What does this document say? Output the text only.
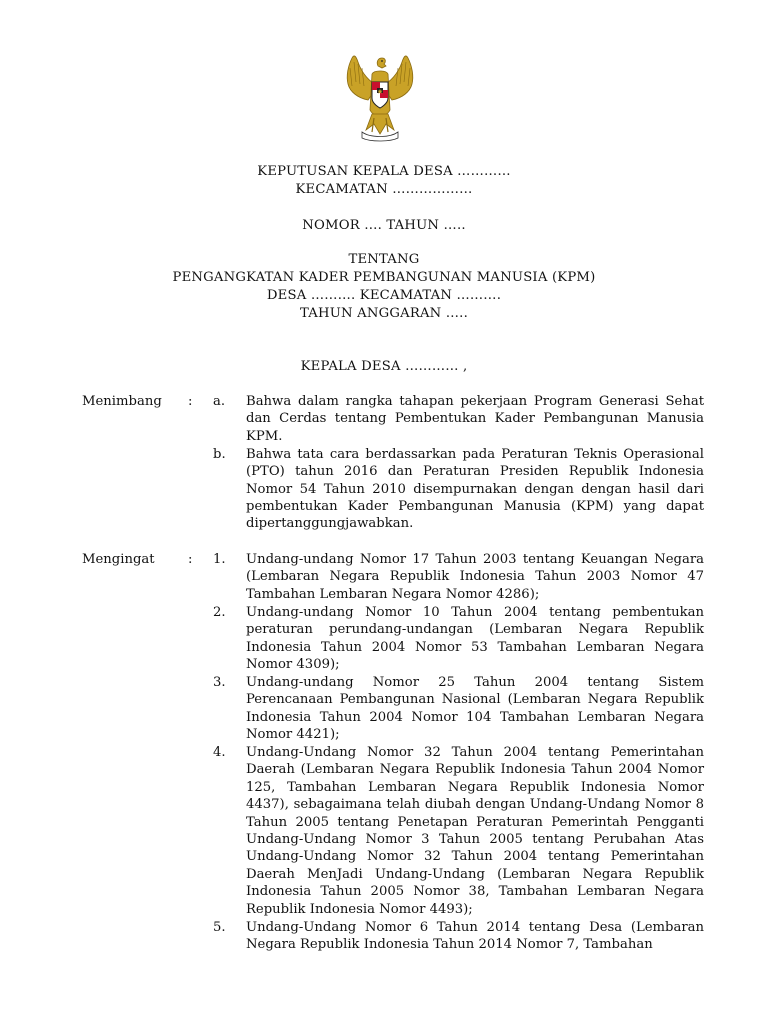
KEPUTUSAN KEPALA DESA …………
KECAMATAN ………………
NOMOR …. TAHUN …..
TENTANG
PENGANGKATAN KADER PEMBANGUNAN MANUSIA (KPM)
DESA ………. KECAMATAN ……….
TAHUN ANGGARAN …..
KEPALA DESA ………… ,
Menimbang : a. Bahwa dalam rangka tahapan pekerjaan Program Generasi Sehat dan Cerdas tentang Pembentukan Kader Pembangunan Manusia KPM.
b. Bahwa tata cara berdassarkan pada Peraturan Teknis Operasional (PTO) tahun 2016 dan Peraturan Presiden Republik Indonesia Nomor 54 Tahun 2010 disempurnakan dengan dengan hasil dari pembentukan Kader Pembangunan Manusia (KPM) yang dapat dipertanggungjawabkan.
Mengingat	: 1. Undang-undang Nomor 17 Tahun 2003 tentang Keuangan Negara (Lembaran Negara Republik Indonesia Tahun 2003 Nomor 47 Tambahan Lembaran Negara Nomor 4286);
2. Undang-undang Nomor 10 Tahun 2004 tentang pembentukan peraturan perundang-undangan (Lembaran Negara Republik Indonesia Tahun 2004 Nomor 53 Tambahan Lembaran Negara Nomor 4309);
3. Undang-undang Nomor 25 Tahun 2004 tentang Sistem Perencanaan Pembangunan Nasional (Lembaran Negara Republik Indonesia Tahun 2004 Nomor 104 Tambahan Lembaran Negara Nomor 4421);
4. Undang-Undang Nomor 32 Tahun 2004 tentang Pemerintahan Daerah (Lembaran Negara Republik Indonesia Tahun 2004 Nomor 125, Tambahan Lembaran Negara Republik Indonesia Nomor 4437), sebagaimana telah diubah dengan Undang-Undang Nomor 8 Tahun 2005 tentang Penetapan Peraturan Pemerintah Pengganti Undang-Undang Nomor 3 Tahun 2005 tentang Perubahan Atas Undang-Undang Nomor 32 Tahun 2004 tentang Pemerintahan Daerah MenJadi Undang-Undang (Lembaran Negara Republik Indonesia Tahun 2005 Nomor 38, Tambahan Lembaran Negara Republik Indonesia Nomor 4493);
5. Undang-Undang Nomor 6 Tahun 2014 tentang Desa (Lembaran Negara Republik Indonesia Tahun 2014 Nomor 7, Tambahan
